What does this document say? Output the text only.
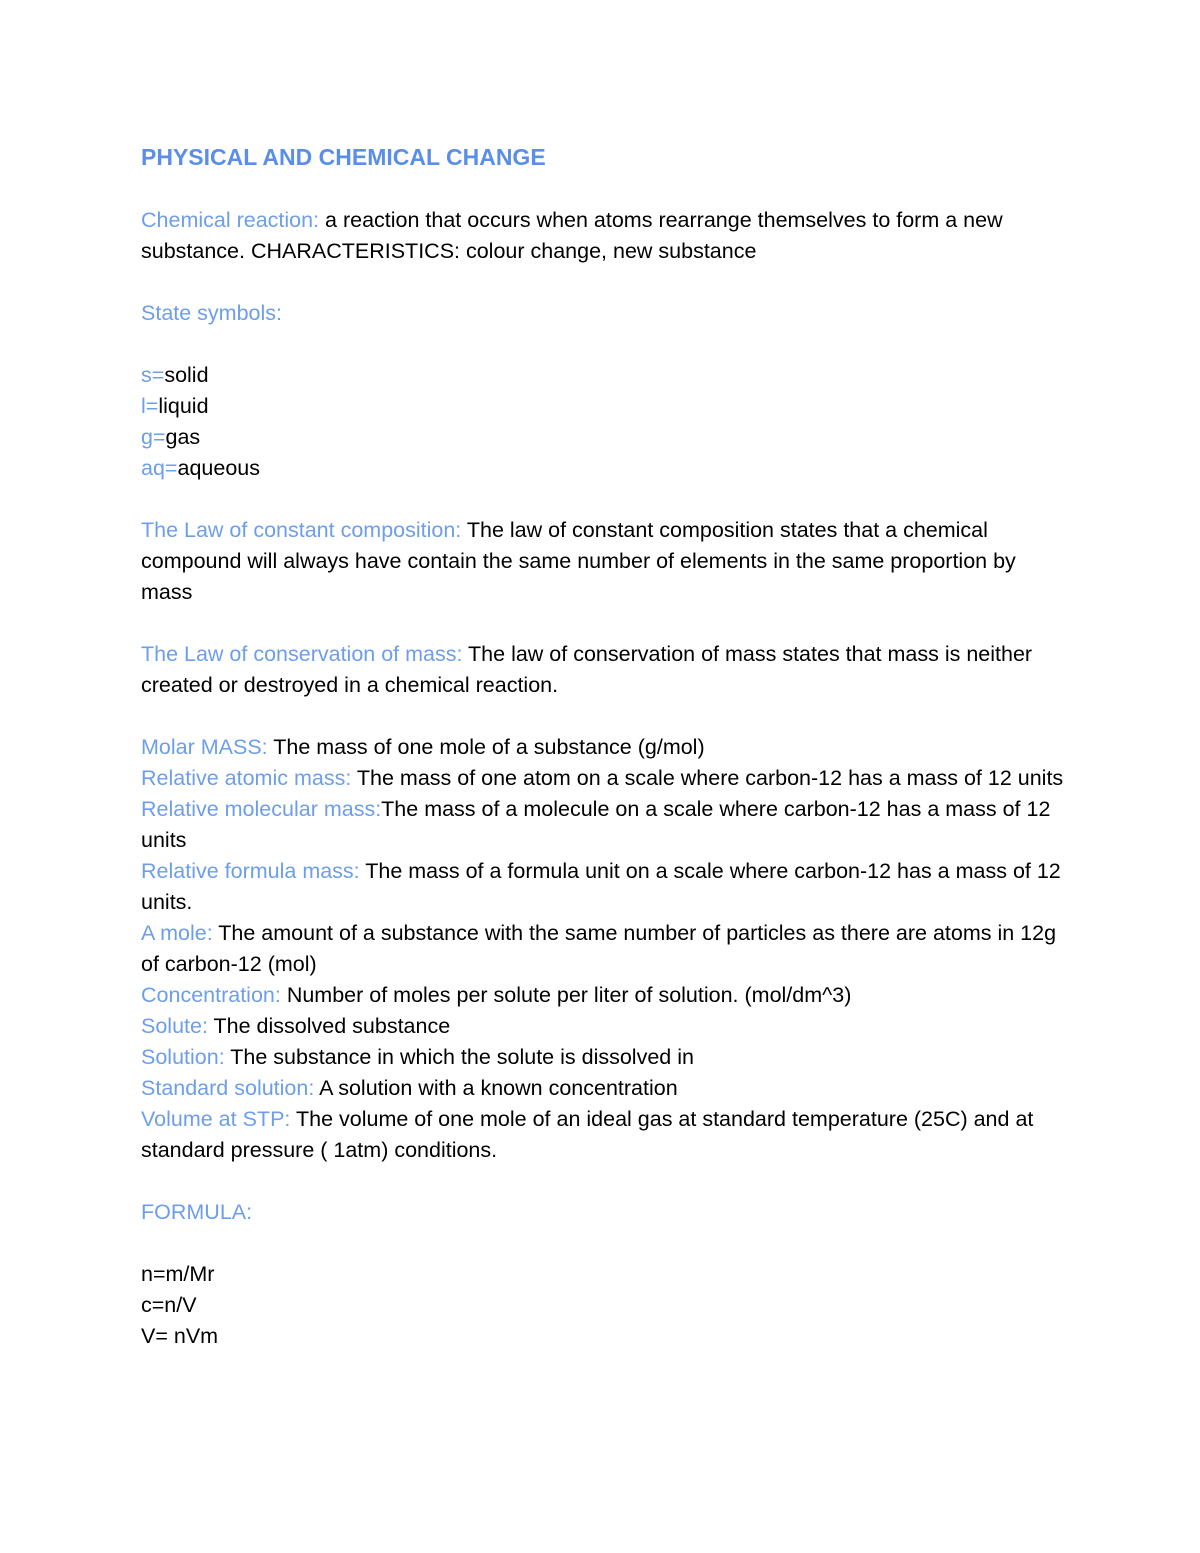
PHYSICAL AND CHEMICAL CHANGE

Chemical reaction: a reaction that occurs when atoms rearrange themselves to form a new substance. CHARACTERISTICS: colour change, new substance

State symbols:

s=solid

l=liquid

g=gas

aq=aqueous

The Law of constant composition: The law of constant composition states that a chemical compound will always have contain the same number of elements in the same proportion by mass

The Law of conservation of mass: The law of conservation of mass states that mass is neither created or destroyed in a chemical reaction.

Molar MASS: The mass of one mole of a substance (g/mol)

Relative atomic mass: The mass of one atom on a scale where carbon-12 has a mass of 12 units

Relative molecular mass:The mass of a molecule on a scale where carbon-12 has a mass of 12 units

Relative formula mass: The mass of a formula unit on a scale where carbon-12 has a mass of 12 units.

A mole: The amount of a substance with the same number of particles as there are atoms in 12g of carbon-12 (mol)

Concentration: Number of moles per solute per liter of solution. (mol/dm^3)

Solute: The dissolved substance

Solution: The substance in which the solute is dissolved in

Standard solution: A solution with a known concentration

Volume at STP: The volume of one mole of an ideal gas at standard temperature (25C) and at standard pressure ( 1atm) conditions.

FORMULA:

n=m/Mr

c=n/V

V= nVm
